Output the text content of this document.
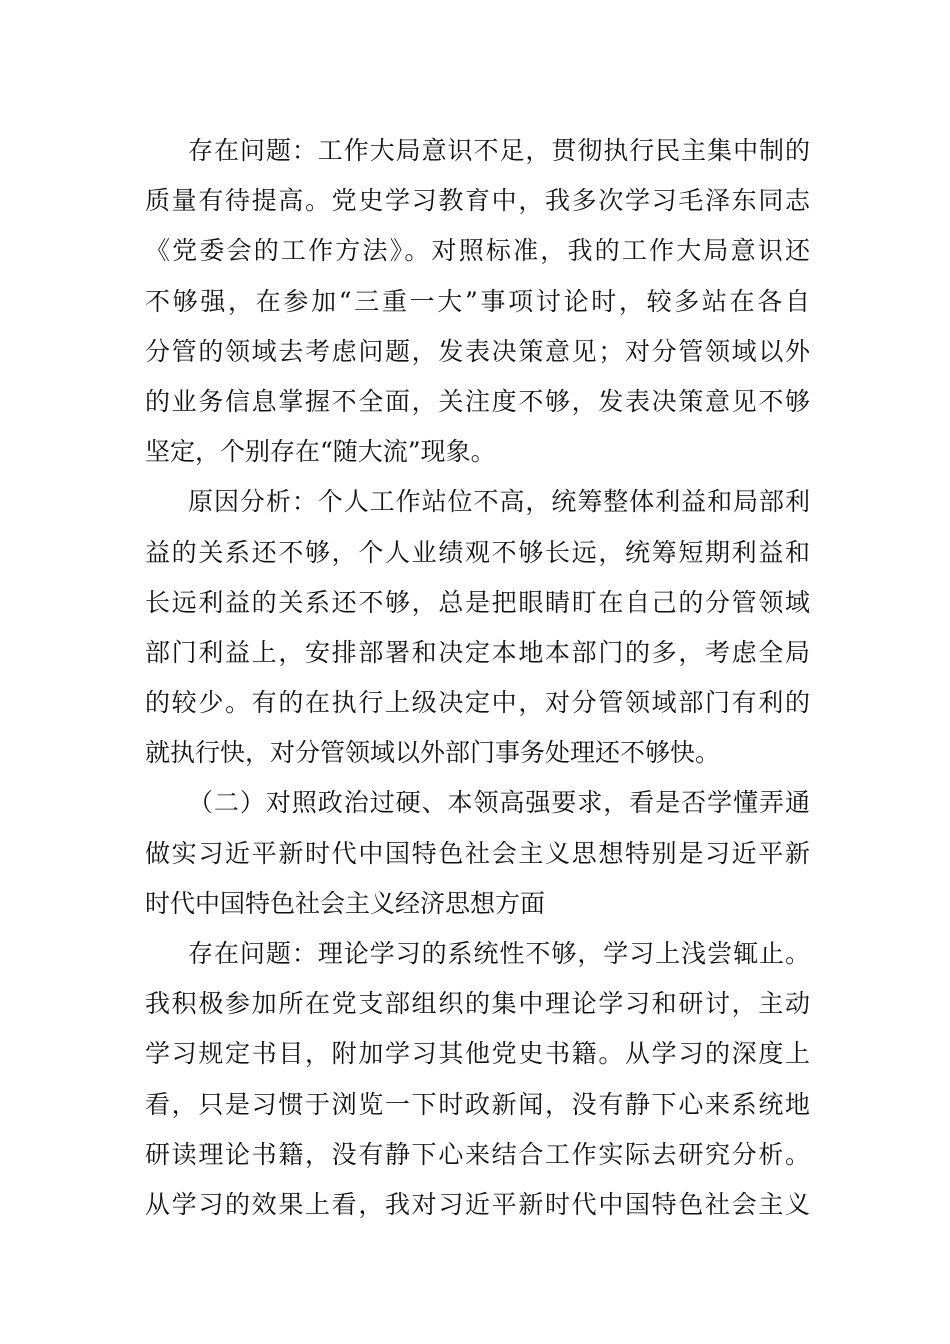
存在问题：工作大局意识不足，贯彻执行民主集中制的
质量有待提高。党史学习教育中，我多次学习毛泽东同志
《党委会的工作方法》。对照标准，我的工作大局意识还
不够强，在参加“三重一大”事项讨论时，较多站在各自
分管的领域去考虑问题，发表决策意见；对分管领域以外
的业务信息掌握不全面，关注度不够，发表决策意见不够
坚定，个别存在“随大流”现象。
原因分析：个人工作站位不高，统筹整体利益和局部利
益的关系还不够，个人业绩观不够长远，统筹短期利益和
长远利益的关系还不够，总是把眼睛盯在自己的分管领域
部门利益上，安排部署和决定本地本部门的多，考虑全局
的较少。有的在执行上级决定中，对分管领域部门有利的
就执行快，对分管领域以外部门事务处理还不够快。
（二）对照政治过硬、本领高强要求，看是否学懂弄通
做实习近平新时代中国特色社会主义思想特别是习近平新
时代中国特色社会主义经济思想方面
存在问题：理论学习的系统性不够，学习上浅尝辄止。
我积极参加所在党支部组织的集中理论学习和研讨，主动
学习规定书目，附加学习其他党史书籍。从学习的深度上
看，只是习惯于浏览一下时政新闻，没有静下心来系统地
研读理论书籍，没有静下心来结合工作实际去研究分析。
从学习的效果上看，我对习近平新时代中国特色社会主义
